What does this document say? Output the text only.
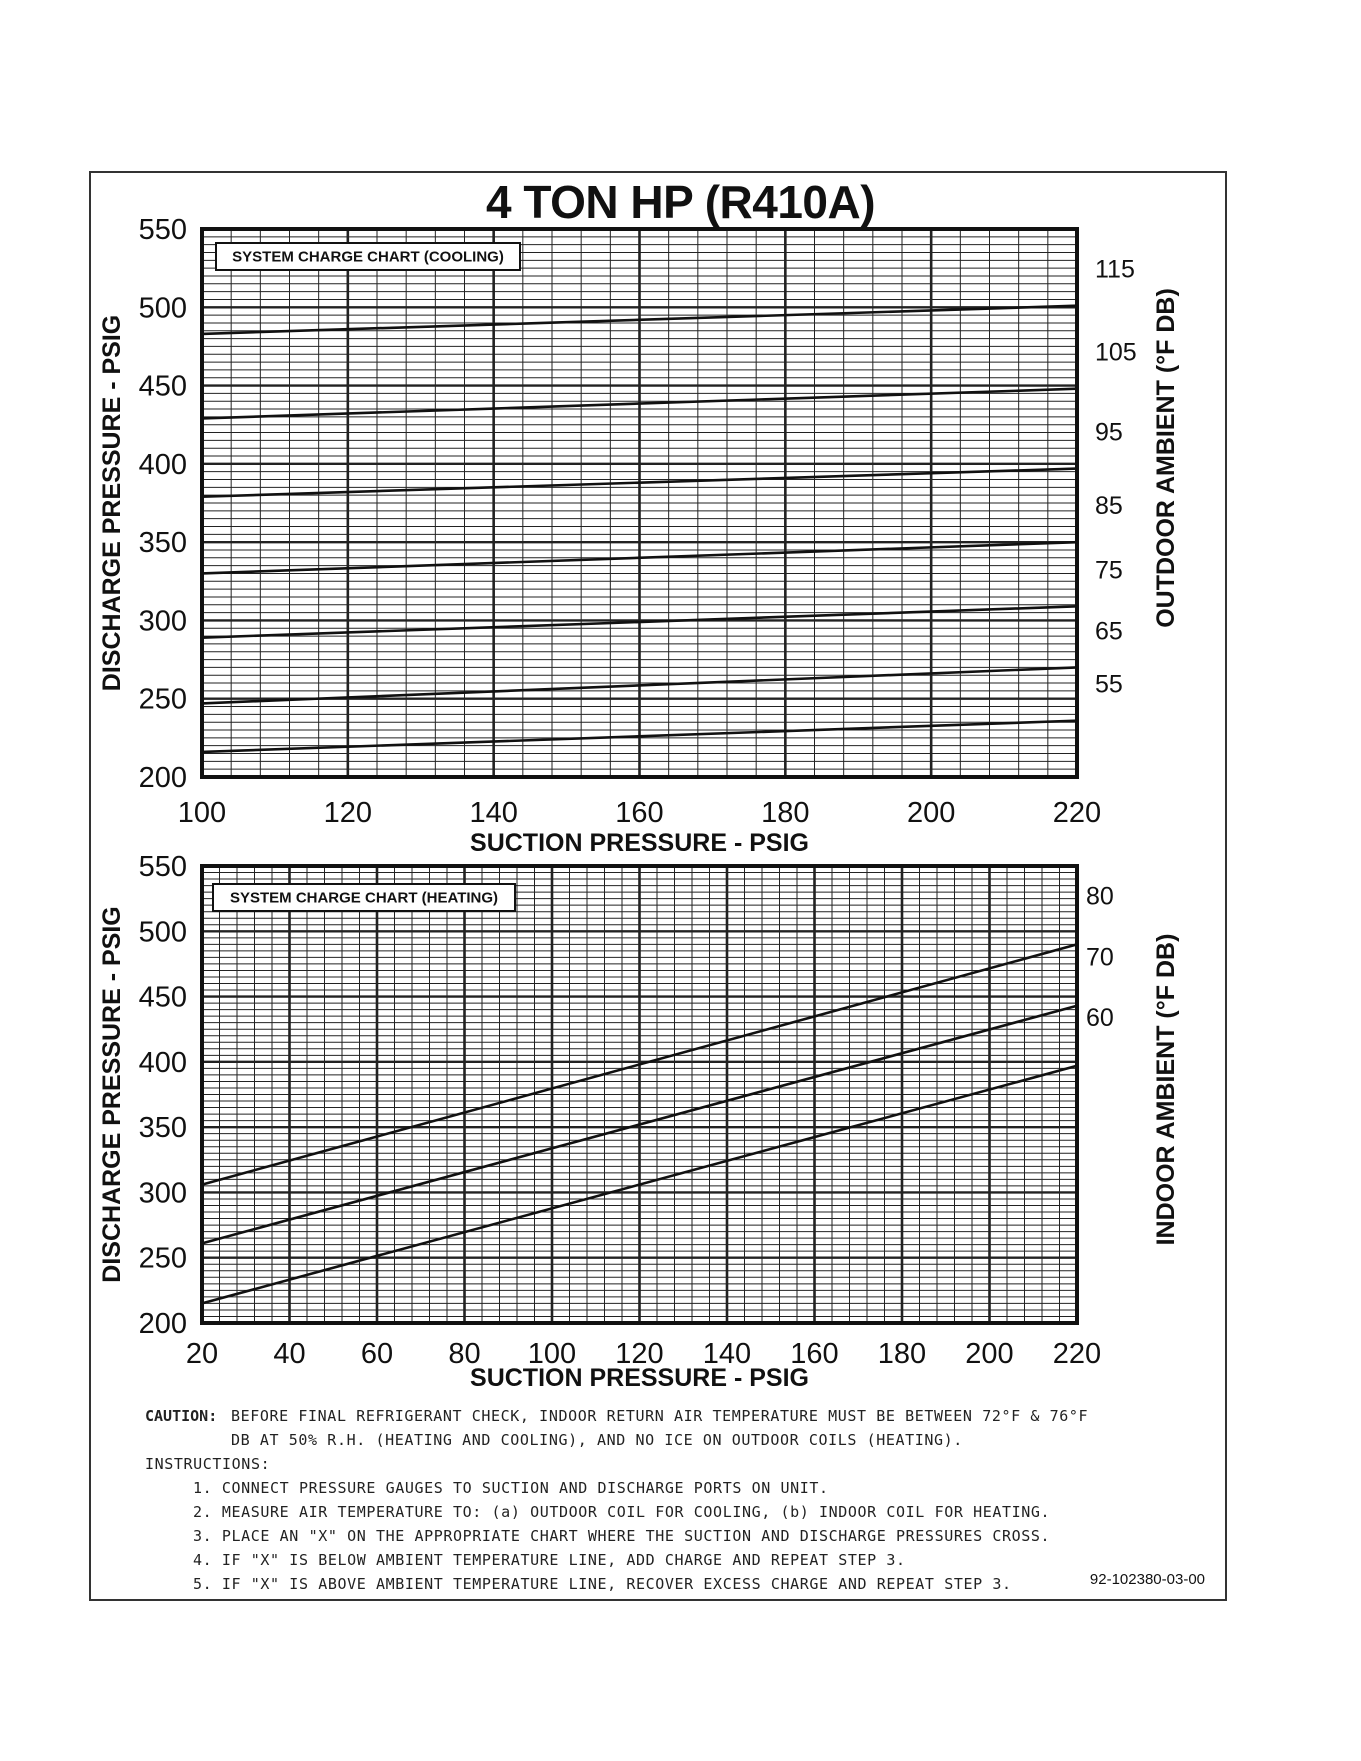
4 TON HP (R410A)
SYSTEM CHARGE CHART (COOLING)
200
250
300
350
400
450
500
550
100	120	140	160	180	200	220
SUCTION PRESSURE - PSIG
DISCHARGE PRESSURE - PSIG	OUTDOOR AMBIENT (°F DB)
115
105
95
85
75
65
55
SYSTEM CHARGE CHART (HEATING)
200
250
300
350
400
450
500
550
20 40 60 80 100 120 140 160 180 200 220
SUCTION PRESSURE - PSIG
DISCHARGE PRESSURE - PSIG	INDOOR AMBIENT (°F DB)
80
70
60
CAUTION: BEFORE FINAL REFRIGERANT CHECK, INDOOR RETURN AIR TEMPERATURE MUST BE BETWEEN 72°F & 76°F
DB AT 50% R.H. (HEATING AND COOLING), AND NO ICE ON OUTDOOR COILS (HEATING).
INSTRUCTIONS:
1. CONNECT PRESSURE GAUGES TO SUCTION AND DISCHARGE PORTS ON UNIT.
2. MEASURE AIR TEMPERATURE TO: (a) OUTDOOR COIL FOR COOLING, (b) INDOOR COIL FOR HEATING.
3. PLACE AN "X" ON THE APPROPRIATE CHART WHERE THE SUCTION AND DISCHARGE PRESSURES CROSS.
4. IF "X" IS BELOW AMBIENT TEMPERATURE LINE, ADD CHARGE AND REPEAT STEP 3.
5. IF "X" IS ABOVE AMBIENT TEMPERATURE LINE, RECOVER EXCESS CHARGE AND REPEAT STEP 3.	92-102380-03-00
